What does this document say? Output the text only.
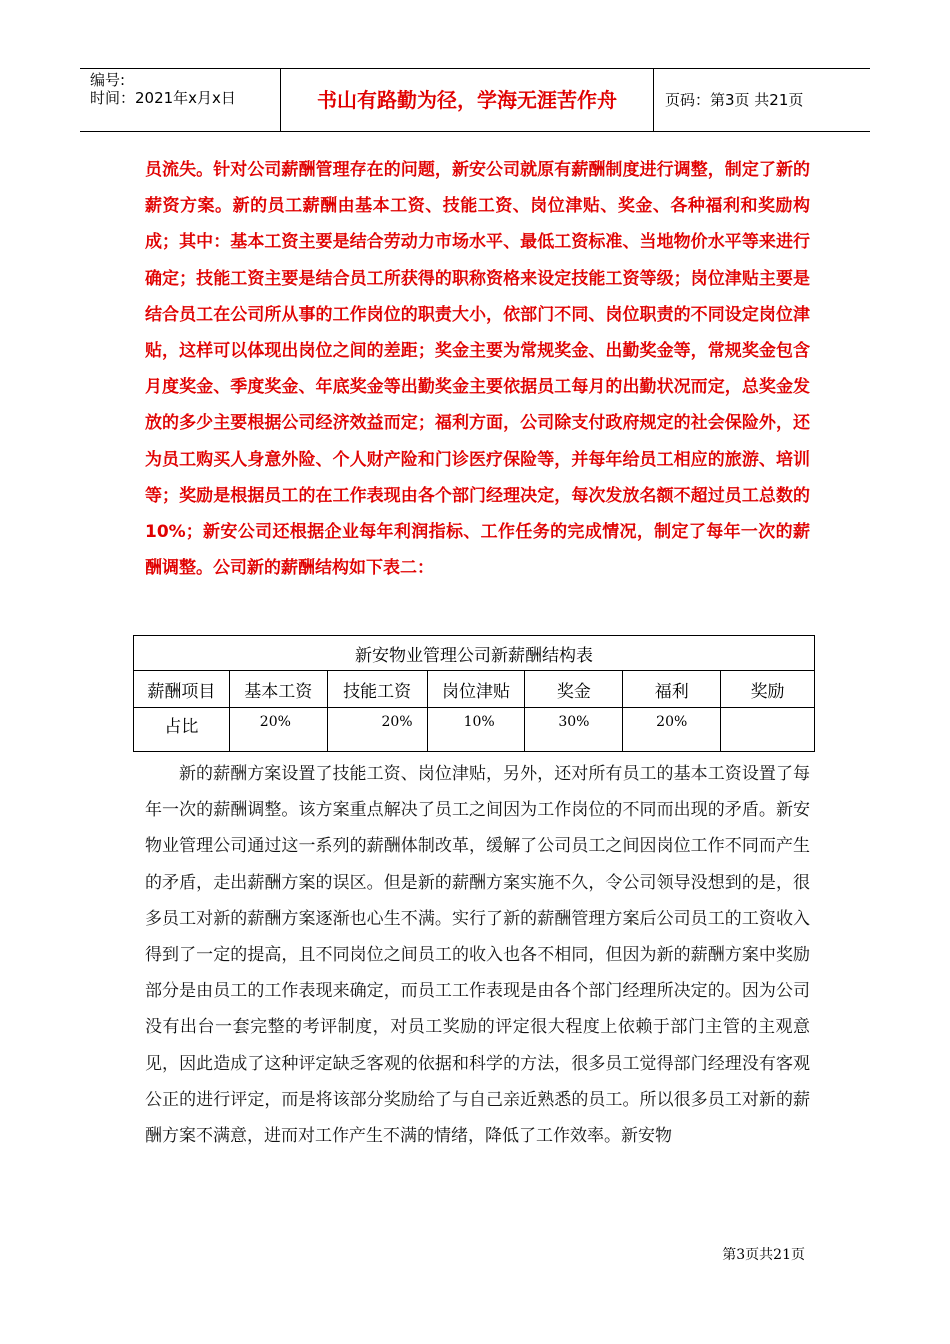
编号:
时间：2021年x月x日	书山有路勤为径，学海无涯苦作舟	页码：第3页 共21页

员流失。针对公司薪酬管理存在的问题，新安公司就原有薪酬制度进行调整，制定了新的薪资方案。新的员工薪酬由基本工资、技能工资、岗位津贴、奖金、各种福利和奖励构成；其中：基本工资主要是结合劳动力市场水平、最低工资标准、当地物价水平等来进行确定；技能工资主要是结合员工所获得的职称资格来设定技能工资等级；岗位津贴主要是结合员工在公司所从事的工作岗位的职责大小，依部门不同、岗位职责的不同设定岗位津贴，这样可以体现出岗位之间的差距；奖金主要为常规奖金、出勤奖金等，常规奖金包含月度奖金、季度奖金、年底奖金等出勤奖金主要依据员工每月的出勤状况而定，总奖金发放的多少主要根据公司经济效益而定；福利方面，公司除支付政府规定的社会保险外，还为员工购买人身意外险、个人财产险和门诊医疗保险等，并每年给员工相应的旅游、培训等；奖励是根据员工的在工作表现由各个部门经理决定，每次发放名额不超过员工总数的10%；新安公司还根据企业每年利润指标、工作任务的完成情况，制定了每年一次的薪酬调整。公司新的薪酬结构如下表二：

新安物业管理公司新薪酬结构表						
薪酬项目	基本工资	技能工资	岗位津贴	奖金	福利	奖励
占比	20%	20%	10%	30%	20%	

新的薪酬方案设置了技能工资、岗位津贴，另外，还对所有员工的基本工资设置了每年一次的薪酬调整。该方案重点解决了员工之间因为工作岗位的不同而出现的矛盾。新安物业管理公司通过这一系列的薪酬体制改革，缓解了公司员工之间因岗位工作不同而产生的矛盾，走出薪酬方案的误区。但是新的薪酬方案实施不久，令公司领导没想到的是，很多员工对新的薪酬方案逐渐也心生不满。实行了新的薪酬管理方案后公司员工的工资收入得到了一定的提高，且不同岗位之间员工的收入也各不相同，但因为新的薪酬方案中奖励部分是由员工的工作表现来确定，而员工工作表现是由各个部门经理所决定的。因为公司没有出台一套完整的考评制度，对员工奖励的评定很大程度上依赖于部门主管的主观意见，因此造成了这种评定缺乏客观的依据和科学的方法，很多员工觉得部门经理没有客观公正的进行评定，而是将该部分奖励给了与自己亲近熟悉的员工。所以很多员工对新的薪酬方案不满意，进而对工作产生不满的情绪，降低了工作效率。新安物

第3页共21页
